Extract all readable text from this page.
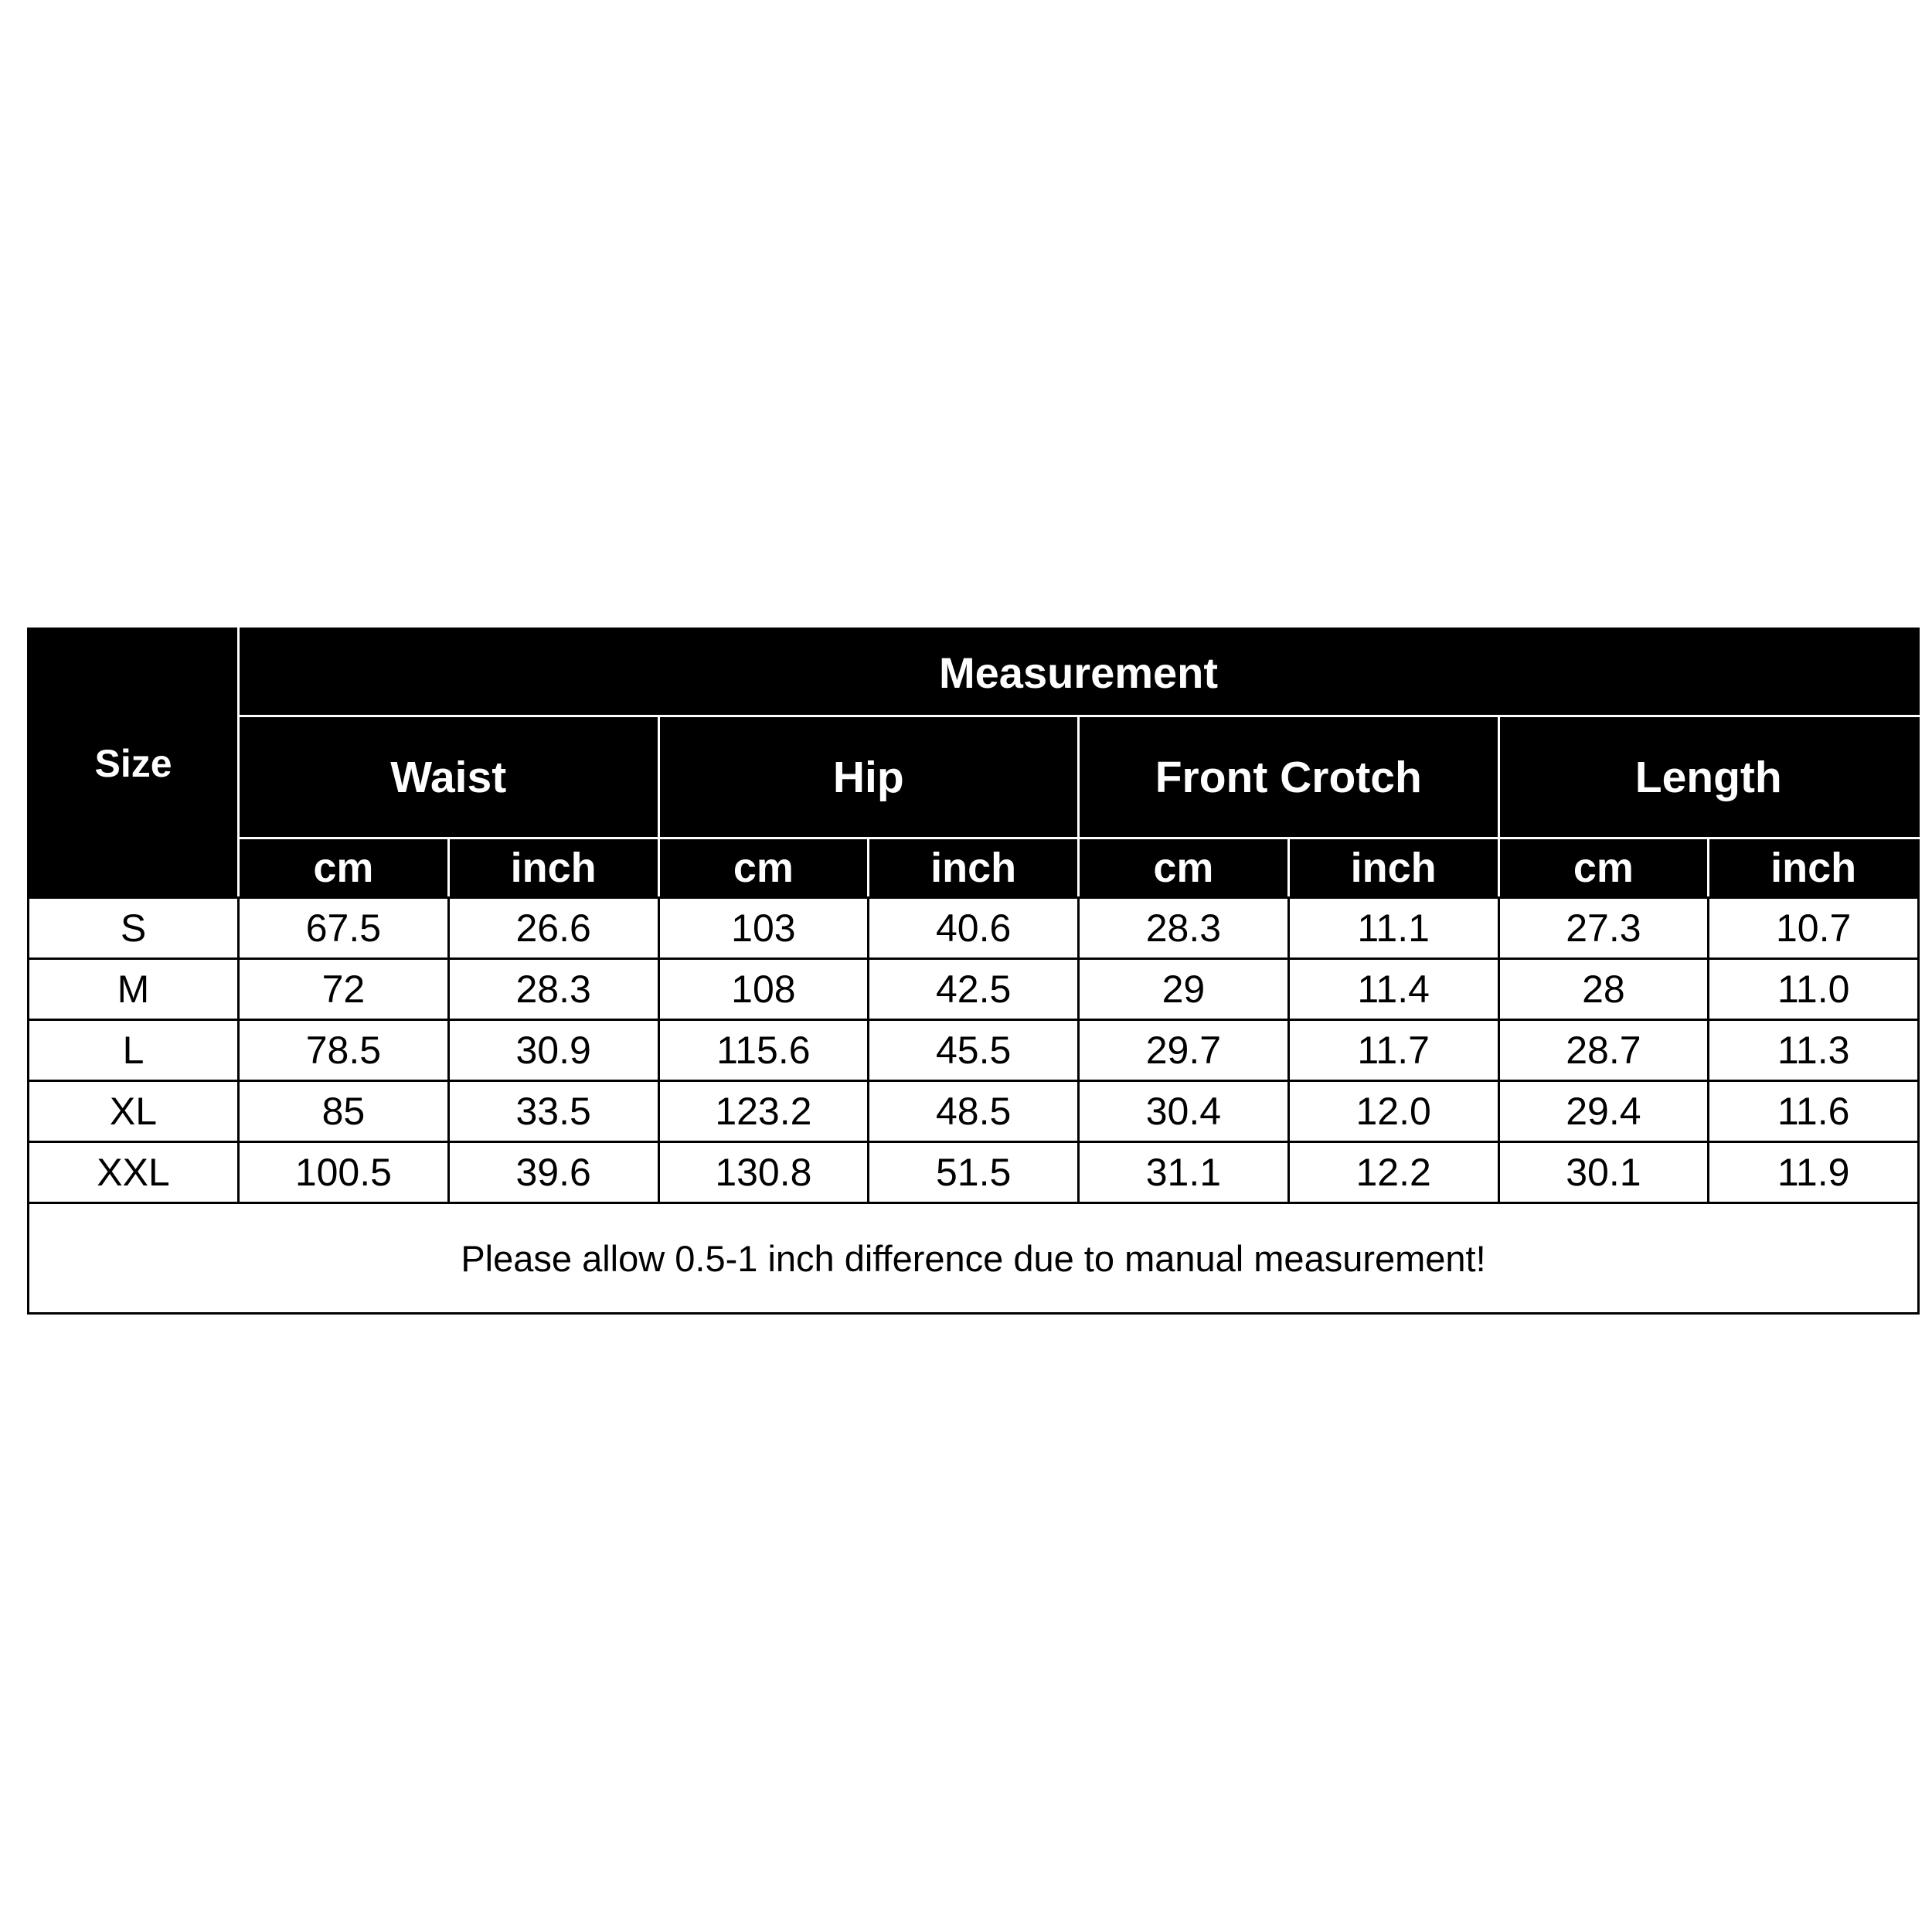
Size	Measurement							
	Waist		Hip		Front Crotch		Length	
	cm	inch	cm	inch	cm	inch	cm	inch
S	67.5	26.6	103	40.6	28.3	11.1	27.3	10.7
M	72	28.3	108	42.5	29	11.4	28	11.0
L	78.5	30.9	115.6	45.5	29.7	11.7	28.7	11.3
XL	85	33.5	123.2	48.5	30.4	12.0	29.4	11.6
XXL	100.5	39.6	130.8	51.5	31.1	12.2	30.1	11.9
Please allow 0.5-1 inch difference due to manual measurement!								
